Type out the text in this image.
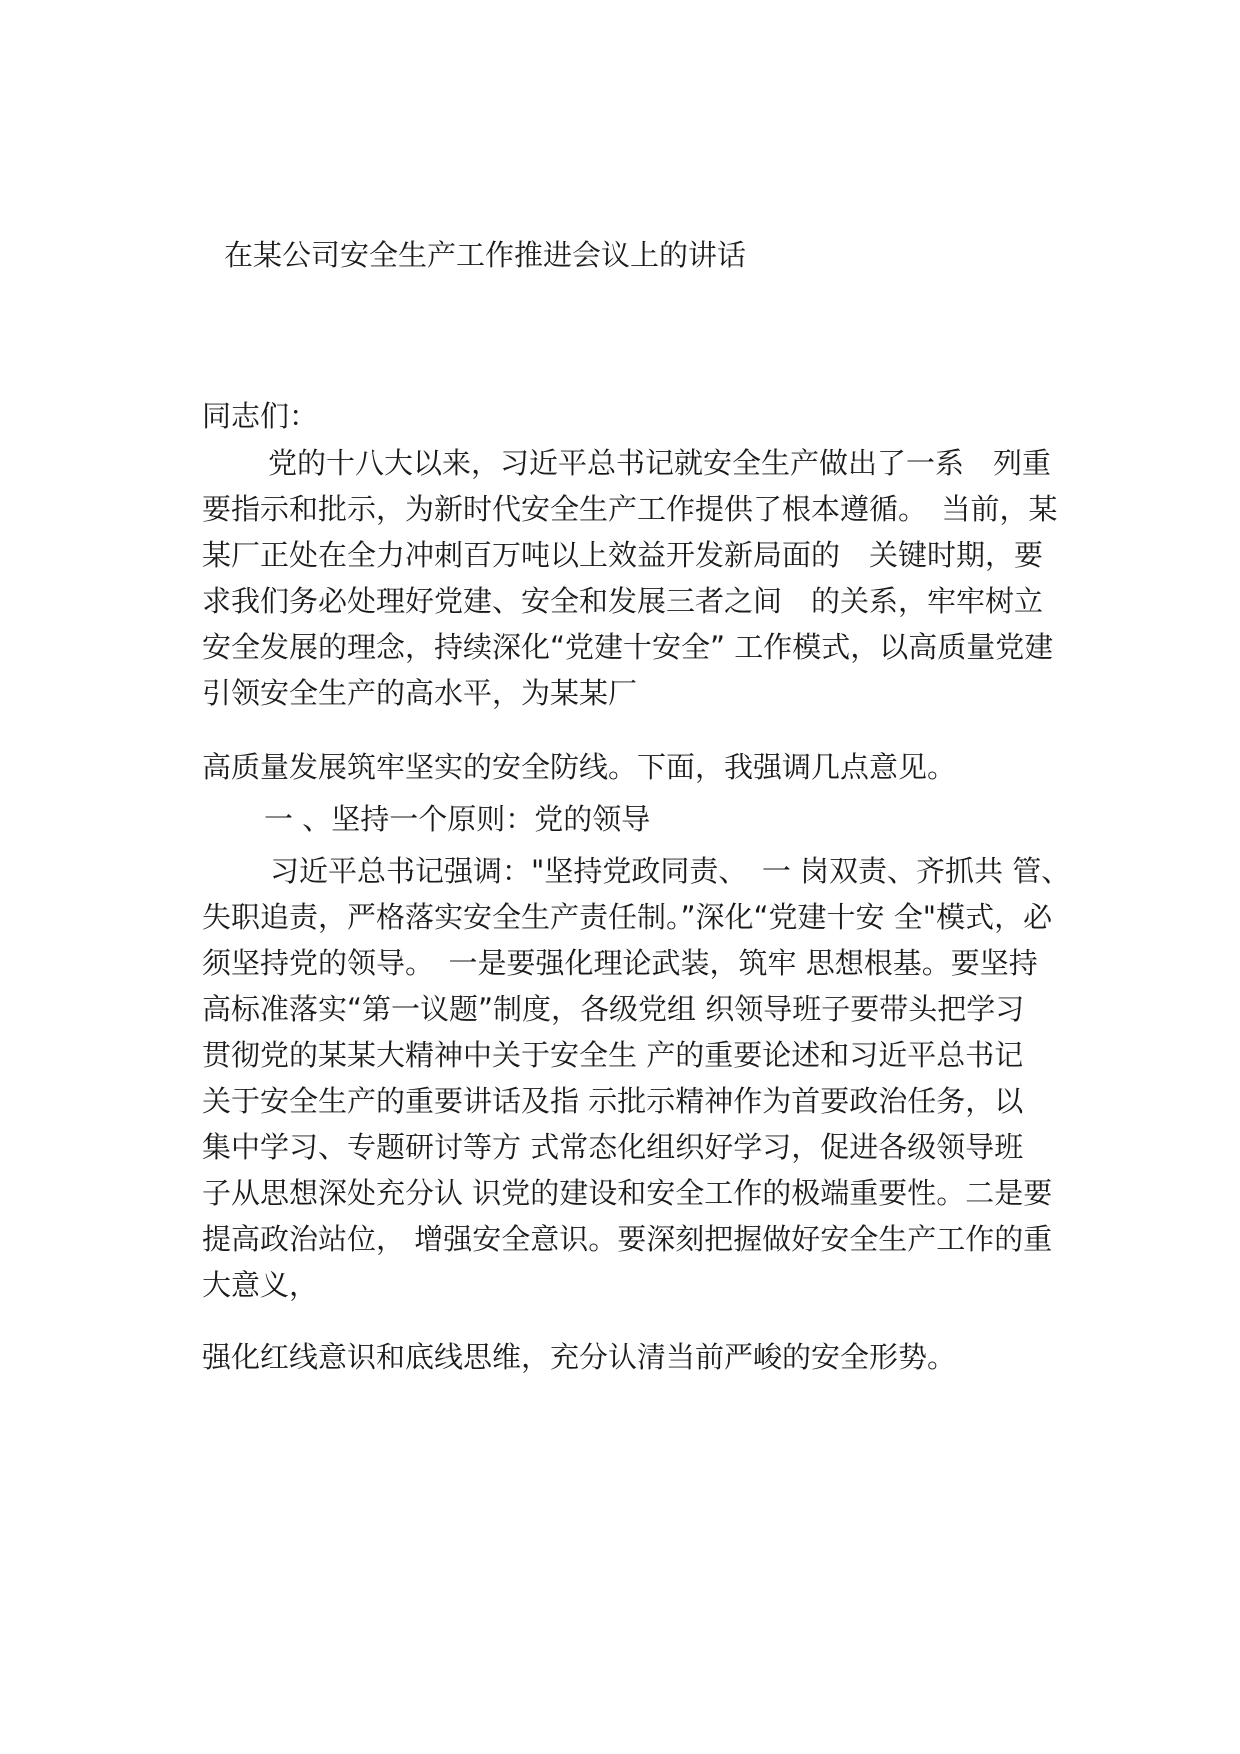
在某公司安全生产工作推进会议上的讲话
同志们：
党的十八大以来，习近平总书记就安全生产做出了一系　列重
要指示和批示，为新时代安全生产工作提供了根本遵循。　当前，某
某厂正处在全力冲刺百万吨以上效益开发新局面的　关键时期，要
求我们务必处理好党建、安全和发展三者之间　的关系，牢牢树立
安全发展的理念，持续深化“党建十安全” 工作模式，以高质量党建
引领安全生产的高水平，为某某厂
高质量发展筑牢坚实的安全防线。下面，我强调几点意见。
一 、坚持一个原则：党的领导
习近平总书记强调："坚持党政同责、　一 岗双责、齐抓共 管、
失职追责，严格落实安全生产责任制。”深化“党建十安 全"模式，必
须坚持党的领导。　一是要强化理论武装，筑牢 思想根基。要坚持
高标准落实“第一议题”制度，各级党组 织领导班子要带头把学习
贯彻党的某某大精神中关于安全生 产的重要论述和习近平总书记
关于安全生产的重要讲话及指 示批示精神作为首要政治任务，以
集中学习、专题研讨等方 式常态化组织好学习，促进各级领导班
子从思想深处充分认 识党的建设和安全工作的极端重要性。二是要
提高政治站位， 增强安全意识。要深刻把握做好安全生产工作的重
大意义，
强化红线意识和底线思维，充分认清当前严峻的安全形势。
